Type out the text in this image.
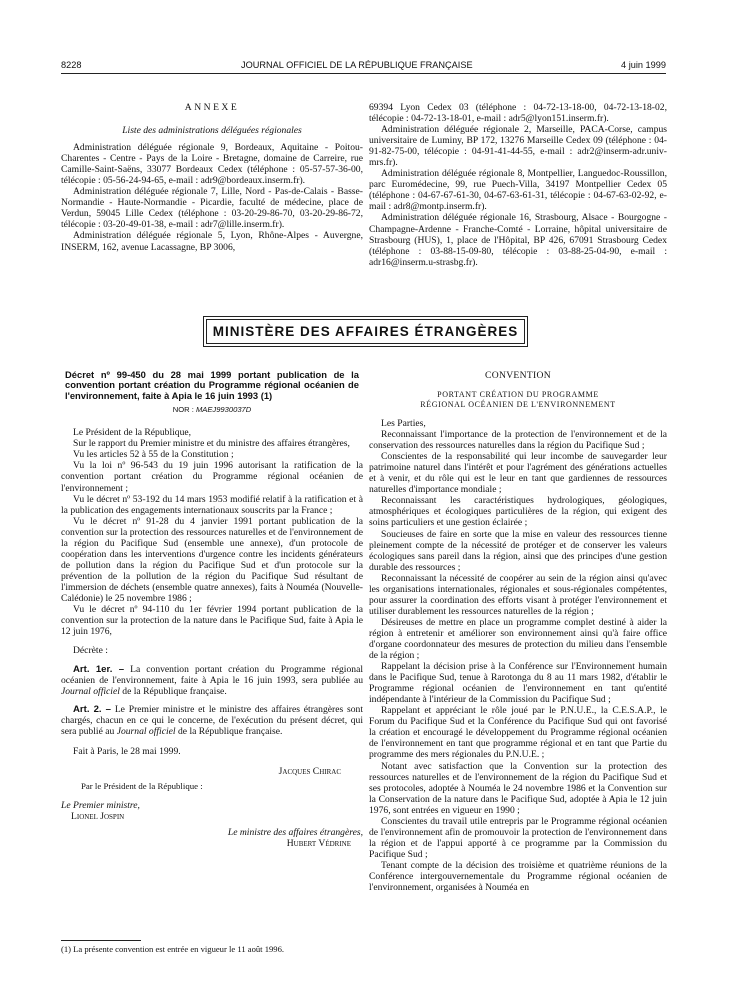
8228	JOURNAL OFFICIEL DE LA RÉPUBLIQUE FRANÇAISE	4 juin 1999

ANNEXE

Liste des administrations déléguées régionales

Administration déléguée régionale 9, Bordeaux, Aquitaine - Poitou-Charentes - Centre - Pays de la Loire - Bretagne, domaine de Carreire, rue Camille-Saint-Saëns, 33077 Bordeaux Cedex (téléphone : 05-57-57-36-00, télécopie : 05-56-24-94-65, e-mail : adr9@bordeaux.inserm.fr).

Administration déléguée régionale 7, Lille, Nord - Pas-de-Calais - Basse-Normandie - Haute-Normandie - Picardie, faculté de médecine, place de Verdun, 59045 Lille Cedex (téléphone : 03-20-29-86-70, 03-20-29-86-72, télécopie : 03-20-49-01-38, e-mail : adr7@lille.inserm.fr).

Administration déléguée régionale 5, Lyon, Rhône-Alpes - Auvergne, INSERM, 162, avenue Lacassagne, BP 3006,

69394 Lyon Cedex 03 (téléphone : 04-72-13-18-00, 04-72-13-18-02, télécopie : 04-72-13-18-01, e-mail : adr5@lyon151.inserm.fr).

Administration déléguée régionale 2, Marseille, PACA-Corse, campus universitaire de Luminy, BP 172, 13276 Marseille Cedex 09 (téléphone : 04-91-82-75-00, télécopie : 04-91-41-44-55, e-mail : adr2@inserm-adr.univ-mrs.fr).

Administration déléguée régionale 8, Montpellier, Languedoc-Roussillon, parc Euromédecine, 99, rue Puech-Villa, 34197 Montpellier Cedex 05 (téléphone : 04-67-67-61-30, 04-67-63-61-31, télécopie : 04-67-63-02-92, e-mail : adr8@montp.inserm.fr).

Administration déléguée régionale 16, Strasbourg, Alsace - Bourgogne - Champagne-Ardenne - Franche-Comté - Lorraine, hôpital universitaire de Strasbourg (HUS), 1, place de l'Hôpital, BP 426, 67091 Strasbourg Cedex (téléphone : 03-88-15-09-80, télécopie : 03-88-25-04-90, e-mail : adr16@inserm.u-strasbg.fr).

MINISTÈRE DES AFFAIRES ÉTRANGÈRES

Décret nº 99-450 du 28 mai 1999 portant publication de la convention portant création du Programme régional océanien de l'environnement, faite à Apia le 16 juin 1993 (1)

NOR : MAEJ9930037D

Le Président de la République,

Sur le rapport du Premier ministre et du ministre des affaires étrangères,

Vu les articles 52 à 55 de la Constitution ;

Vu la loi nº 96-543 du 19 juin 1996 autorisant la ratification de la convention portant création du Programme régional océanien de l'environnement ;

Vu le décret nº 53-192 du 14 mars 1953 modifié relatif à la ratification et à la publication des engagements internationaux souscrits par la France ;

Vu le décret nº 91-28 du 4 janvier 1991 portant publication de la convention sur la protection des ressources naturelles et de l'environnement de la région du Pacifique Sud (ensemble une annexe), d'un protocole de coopération dans les interventions d'urgence contre les incidents générateurs de pollution dans la région du Pacifique Sud et d'un protocole sur la prévention de la pollution de la région du Pacifique Sud résultant de l'immersion de déchets (ensemble quatre annexes), faits à Nouméa (Nouvelle-Calédonie) le 25 novembre 1986 ;

Vu le décret nº 94-110 du 1er février 1994 portant publication de la convention sur la protection de la nature dans le Pacifique Sud, faite à Apia le 12 juin 1976,

Décrète :

Art. 1er. – La convention portant création du Programme régional océanien de l'environnement, faite à Apia le 16 juin 1993, sera publiée au Journal officiel de la République française.

Art. 2. – Le Premier ministre et le ministre des affaires étrangères sont chargés, chacun en ce qui le concerne, de l'exécution du présent décret, qui sera publié au Journal officiel de la République française.

Fait à Paris, le 28 mai 1999.

Jacques Chirac

Par le Président de la République :

Le Premier ministre,

Lionel Jospin

Le ministre des affaires étrangères,

Hubert Védrine

(1) La présente convention est entrée en vigueur le 11 août 1996.

CONVENTION

PORTANT CRÉATION DU PROGRAMME

RÉGIONAL OCÉANIEN DE L'ENVIRONNEMENT

Les Parties,

Reconnaissant l'importance de la protection de l'environnement et de la conservation des ressources naturelles dans la région du Pacifique Sud ;

Conscientes de la responsabilité qui leur incombe de sauvegarder leur patrimoine naturel dans l'intérêt et pour l'agrément des générations actuelles et à venir, et du rôle qui est le leur en tant que gardiennes de ressources naturelles d'importance mondiale ;

Reconnaissant les caractéristiques hydrologiques, géologiques, atmosphériques et écologiques particulières de la région, qui exigent des soins particuliers et une gestion éclairée ;

Soucieuses de faire en sorte que la mise en valeur des ressources tienne pleinement compte de la nécessité de protéger et de conserver les valeurs écologiques sans pareil dans la région, ainsi que des principes d'une gestion durable des ressources ;

Reconnaissant la nécessité de coopérer au sein de la région ainsi qu'avec les organisations internationales, régionales et sous-régionales compétentes, pour assurer la coordination des efforts visant à protéger l'environnement et utiliser durablement les ressources naturelles de la région ;

Désireuses de mettre en place un programme complet destiné à aider la région à entretenir et améliorer son environnement ainsi qu'à faire office d'organe coordonnateur des mesures de protection du milieu dans l'ensemble de la région ;

Rappelant la décision prise à la Conférence sur l'Environnement humain dans le Pacifique Sud, tenue à Rarotonga du 8 au 11 mars 1982, d'établir le Programme régional océanien de l'environnement en tant qu'entité indépendante à l'intérieur de la Commission du Pacifique Sud ;

Rappelant et appréciant le rôle joué par le P.N.U.E., la C.E.S.A.P., le Forum du Pacifique Sud et la Conférence du Pacifique Sud qui ont favorisé la création et encouragé le développement du Programme régional océanien de l'environnement en tant que programme régional et en tant que Partie du programme des mers régionales du P.N.U.E. ;

Notant avec satisfaction que la Convention sur la protection des ressources naturelles et de l'environnement de la région du Pacifique Sud et ses protocoles, adoptée à Nouméa le 24 novembre 1986 et la Convention sur la Conservation de la nature dans le Pacifique Sud, adoptée à Apia le 12 juin 1976, sont entrées en vigueur en 1990 ;

Conscientes du travail utile entrepris par le Programme régional océanien de l'environnement afin de promouvoir la protection de l'environnement dans la région et de l'appui apporté à ce programme par la Commission du Pacifique Sud ;

Tenant compte de la décision des troisième et quatrième réunions de la Conférence intergouvernementale du Programme régional océanien de l'environnement, organisées à Nouméa en
